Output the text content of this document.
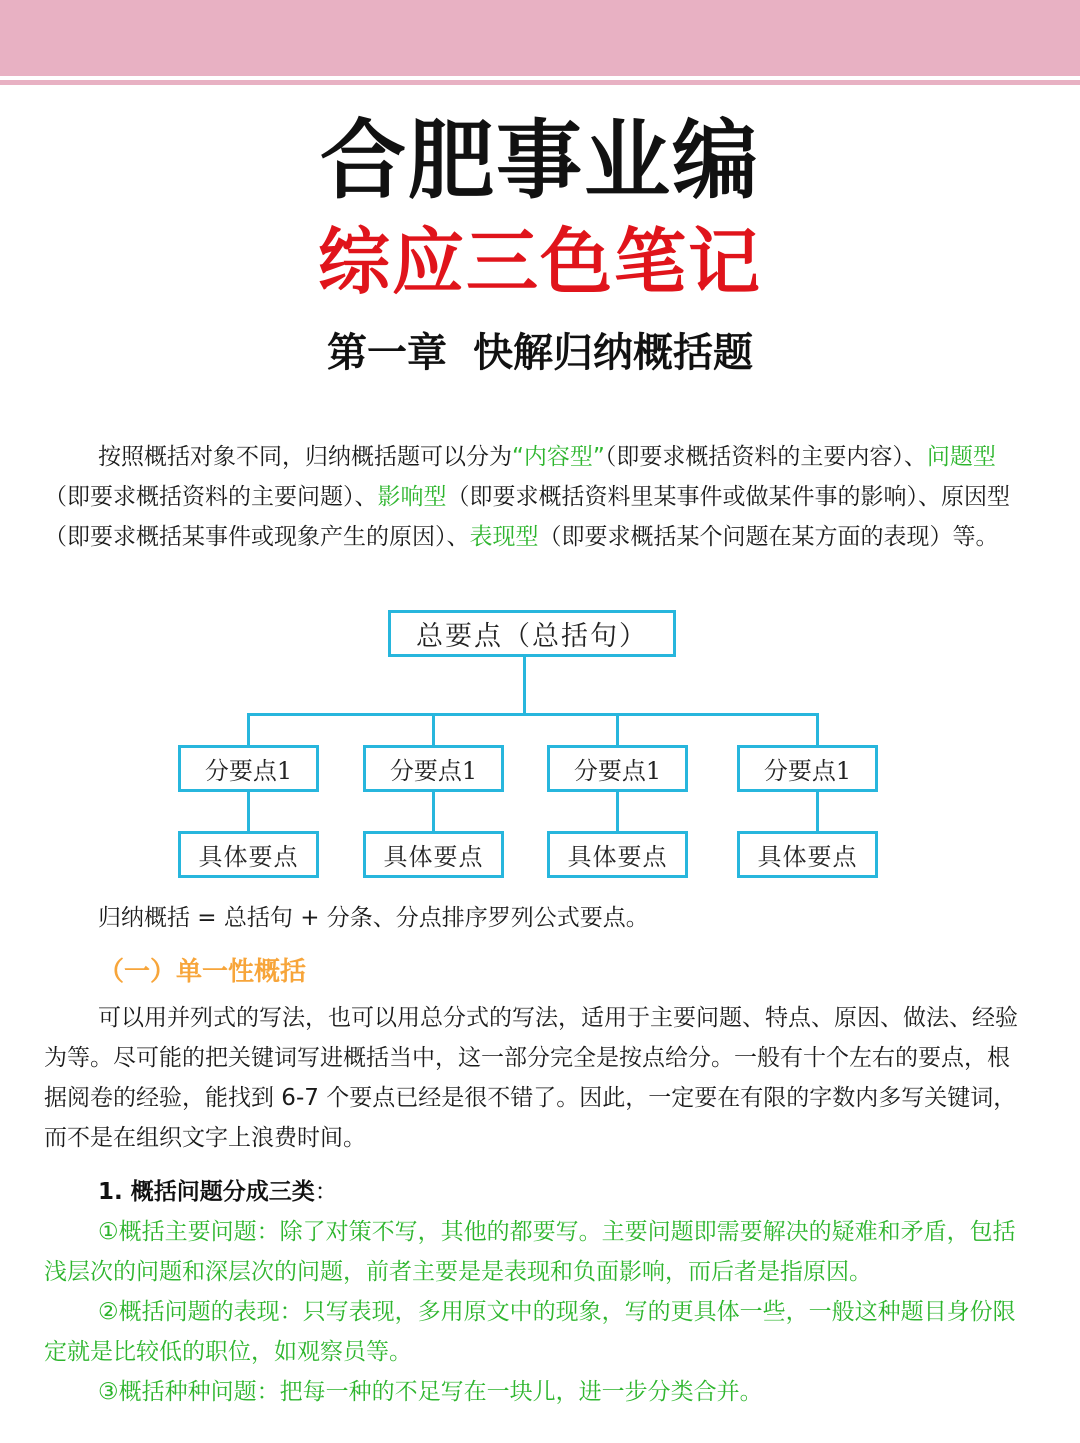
合肥事业编
综应三色笔记
第一章 快解归纳概括题
按照概括对象不同，归纳概括题可以分为“内容型”（即要求概括资料的主要内容）、问题型（即要求概括资料的主要问题）、影响型（即要求概括资料里某事件或做某件事的影响）、原因型（即要求概括某事件或现象产生的原因）、表现型（即要求概括某个问题在某方面的表现）等。
总要点（总括句）
分要点1	分要点1	分要点1	分要点1
具体要点	具体要点	具体要点	具体要点
归纳概括 = 总括句 + 分条、分点排序罗列公式要点。
（一）单一性概括
可以用并列式的写法，也可以用总分式的写法，适用于主要问题、特点、原因、做法、经验为等。尽可能的把关键词写进概括当中，这一部分完全是按点给分。一般有十个左右的要点，根据阅卷的经验，能找到 6-7 个要点已经是很不错了。因此，一定要在有限的字数内多写关键词，而不是在组织文字上浪费时间。
1. 概括问题分成三类：
①概括主要问题：除了对策不写，其他的都要写。主要问题即需要解决的疑难和矛盾，包括浅层次的问题和深层次的问题，前者主要是是表现和负面影响，而后者是指原因。
②概括问题的表现：只写表现，多用原文中的现象，写的更具体一些，一般这种题目身份限定就是比较低的职位，如观察员等。
③概括种种问题：把每一种的不足写在一块儿，进一步分类合并。
